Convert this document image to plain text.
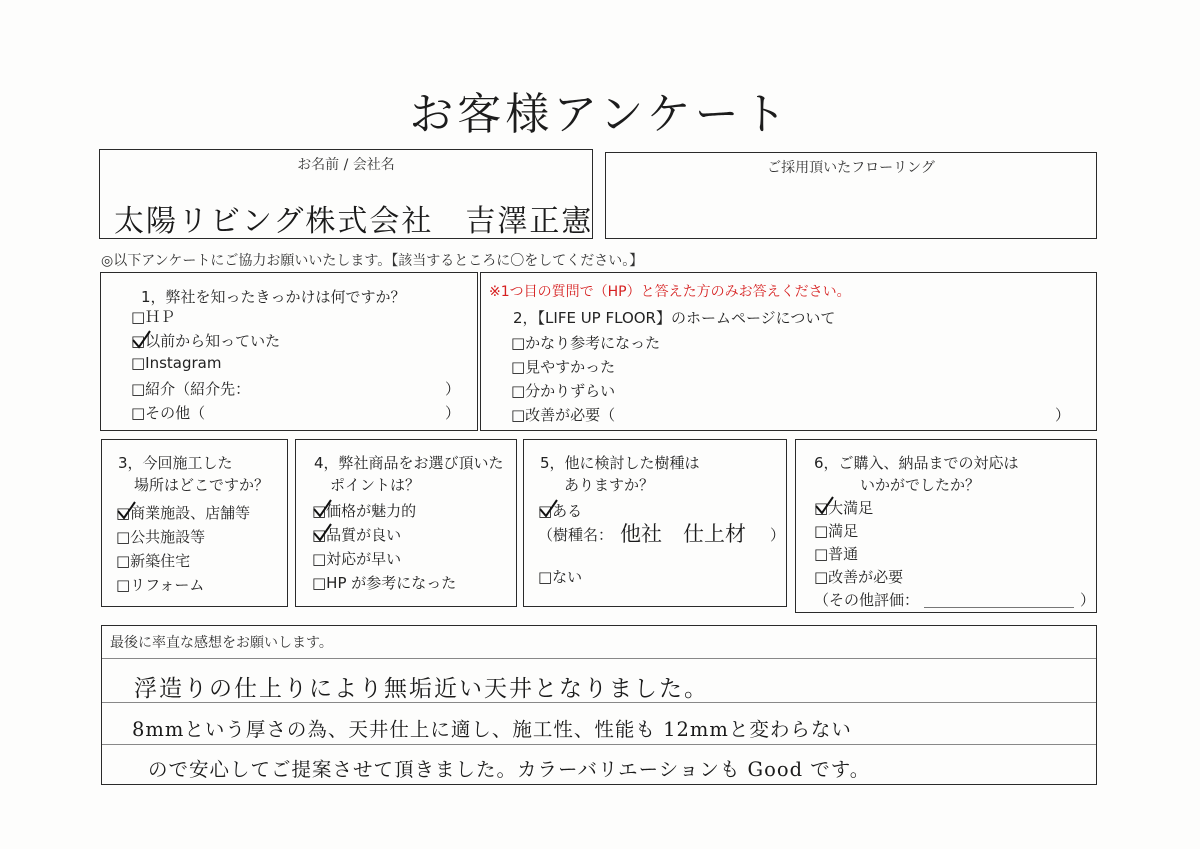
お客様アンケート
お名前 / 会社名
太陽リビング株式会社　吉澤正憲
ご採用頂いたフローリング
◎以下アンケートにご協力お願いいたします。【該当するところに〇をしてください。】
1，弊社を知ったきっかけは何ですか？
□ＨＰ
□以前から知っていた
□Instagram
□紹介（紹介先：	）
□その他（	）
※1つ目の質問で（HP）と答えた方のみお答えください。
2，【LIFE UP FLOOR】のホームページについて
□かなり参考になった
□見やすかった
□分かりずらい
□改善が必要（	）
3，今回施工した
場所はどこですか？
□商業施設、店舗等
□公共施設等
□新築住宅
□リフォーム
4，弊社商品をお選び頂いた
ポイントは？
□価格が魅力的
□品質が良い
□対応が早い
□HP が参考になった
5，他に検討した樹種は
ありますか？
□ある
（樹種名： 他社　仕上材 ）
□ない
6，ご購入、納品までの対応は
いかがでしたか？
□大満足
□満足
□普通
□改善が必要
（その他評価：	）
最後に率直な感想をお願いします。
浮造りの仕上りにより無垢近い天井となりました。
8mmという厚さの為、天井仕上に適し、施工性、性能も 12mmと変わらない
ので安心してご提案させて頂きました。カラーバリエーションも Good です。
